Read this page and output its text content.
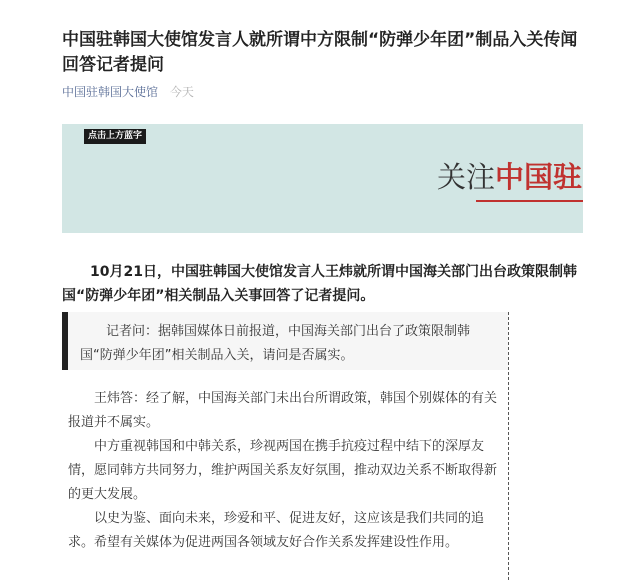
中国驻韩国大使馆发言人就所谓中方限制“防弹少年团”制品入关传闻回答记者提问
中国驻韩国大使馆 今天
点击上方蓝字
关注中国驻

10月21日，中国驻韩国大使馆发言人王炜就所谓中国海关部门出台政策限制韩国“防弹少年团”相关制品入关事回答了记者提问。

记者问：据韩国媒体日前报道，中国海关部门出台了政策限制韩国“防弹少年团”相关制品入关，请问是否属实。

王炜答：经了解，中国海关部门未出台所谓政策，韩国个别媒体的有关报道并不属实。

中方重视韩国和中韩关系，珍视两国在携手抗疫过程中结下的深厚友情，愿同韩方共同努力，维护两国关系友好氛围，推动双边关系不断取得新的更大发展。

以史为鉴、面向未来，珍爱和平、促进友好，这应该是我们共同的追求。希望有关媒体为促进两国各领域友好合作关系发挥建设性作用。
